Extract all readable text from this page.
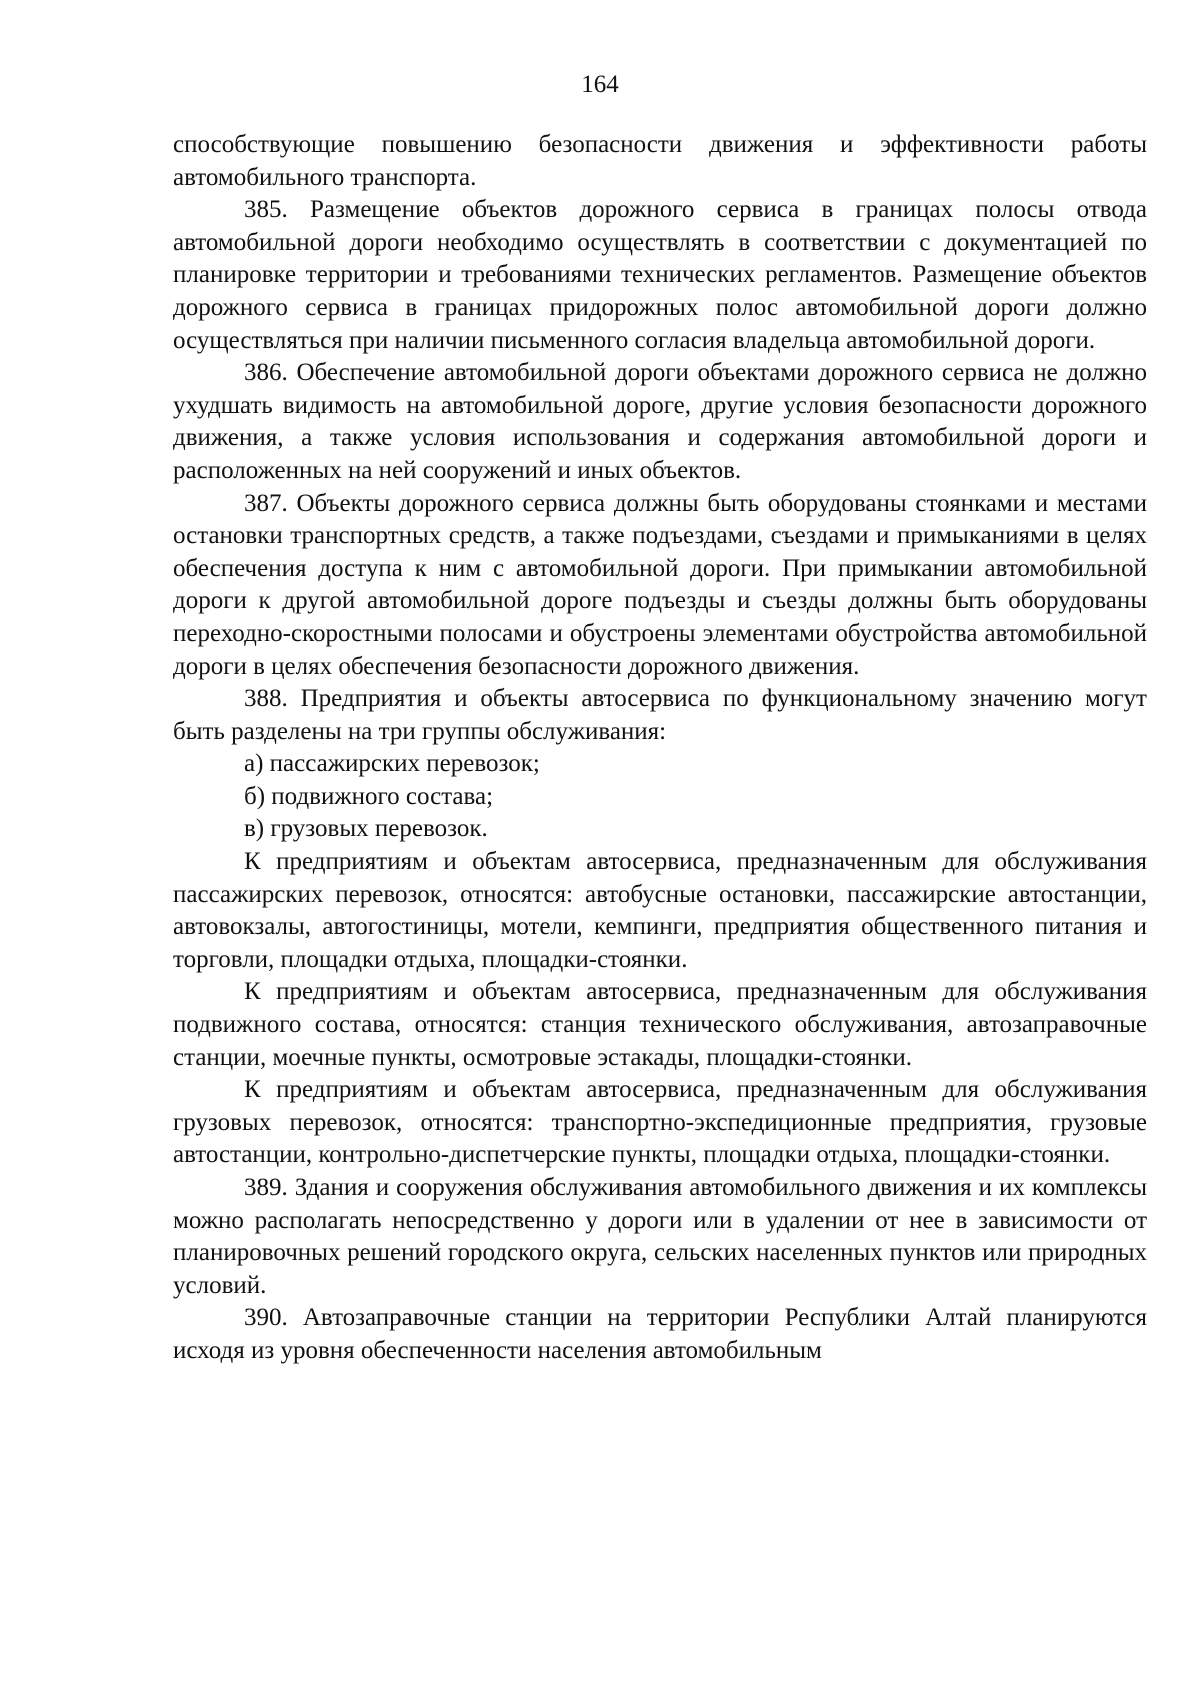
164

способствующие повышению безопасности движения и эффективности работы автомобильного транспорта.

385. Размещение объектов дорожного сервиса в границах полосы отвода автомобильной дороги необходимо осуществлять в соответствии с документацией по планировке территории и требованиями технических регламентов. Размещение объектов дорожного сервиса в границах придорожных полос автомобильной дороги должно осуществляться при наличии письменного согласия владельца автомобильной дороги.

386. Обеспечение автомобильной дороги объектами дорожного сервиса не должно ухудшать видимость на автомобильной дороге, другие условия безопасности дорожного движения, а также условия использования и содержания автомобильной дороги и расположенных на ней сооружений и иных объектов.

387. Объекты дорожного сервиса должны быть оборудованы стоянками и местами остановки транспортных средств, а также подъездами, съездами и примыканиями в целях обеспечения доступа к ним с автомобильной дороги. При примыкании автомобильной дороги к другой автомобильной дороге подъезды и съезды должны быть оборудованы переходно-скоростными полосами и обустроены элементами обустройства автомобильной дороги в целях обеспечения безопасности дорожного движения.

388. Предприятия и объекты автосервиса по функциональному значению могут быть разделены на три группы обслуживания:

а) пассажирских перевозок;

б) подвижного состава;

в) грузовых перевозок.

К предприятиям и объектам автосервиса, предназначенным для обслуживания пассажирских перевозок, относятся: автобусные остановки, пассажирские автостанции, автовокзалы, автогостиницы, мотели, кемпинги, предприятия общественного питания и торговли, площадки отдыха, площадки-стоянки.

К предприятиям и объектам автосервиса, предназначенным для обслуживания подвижного состава, относятся: станция технического обслуживания, автозаправочные станции, моечные пункты, осмотровые эстакады, площадки-стоянки.

К предприятиям и объектам автосервиса, предназначенным для обслуживания грузовых перевозок, относятся: транспортно-экспедиционные предприятия, грузовые автостанции, контрольно-диспетчерские пункты, площадки отдыха, площадки-стоянки.

389. Здания и сооружения обслуживания автомобильного движения и их комплексы можно располагать непосредственно у дороги или в удалении от нее в зависимости от планировочных решений городского округа, сельских населенных пунктов или природных условий.

390. Автозаправочные станции на территории Республики Алтай планируются исходя из уровня обеспеченности населения автомобильным
